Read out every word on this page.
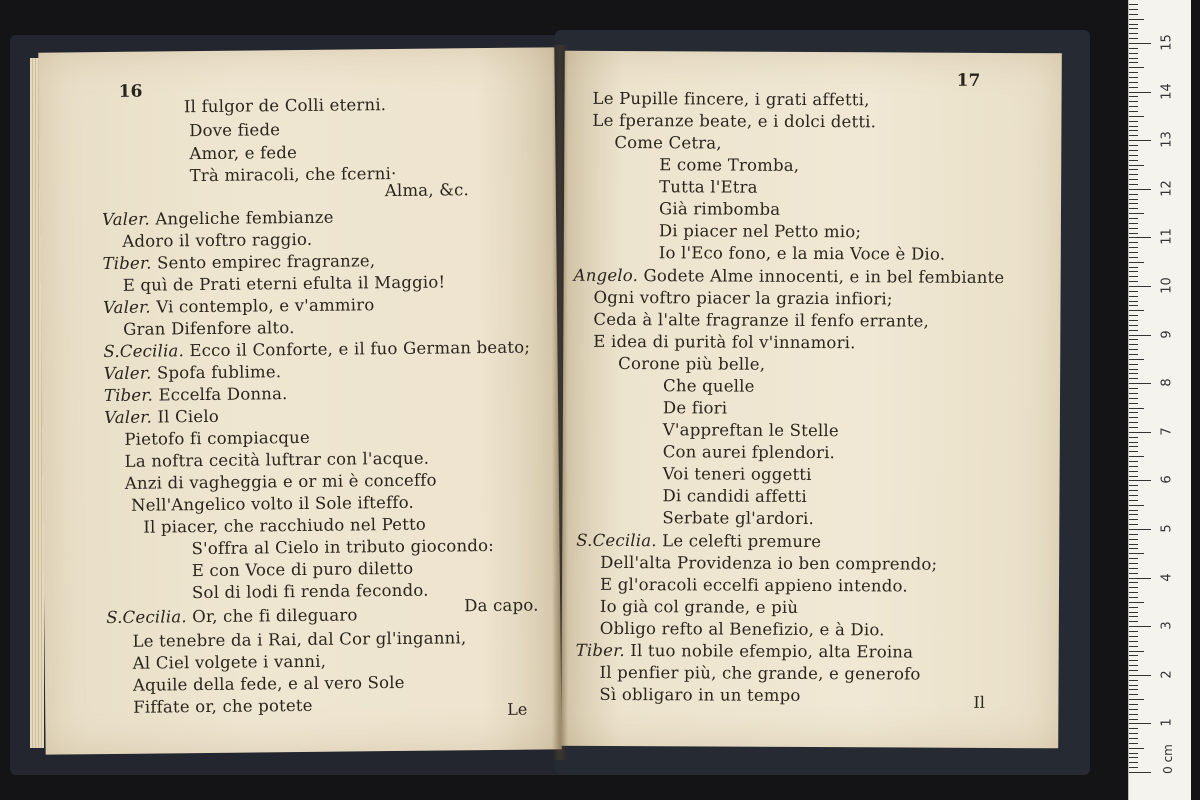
16
Le
Il fulgor de Colli eterni.
Dove fiede
Amor, e fede
Trà miracoli, che fcerni·
Alma, &c.
Valer. Angeliche fembianze
Adoro il voftro raggio.
Tiber. Sento empirec fragranze,
E quì de Prati eterni efulta il Maggio!
Valer. Vi contemplo, e v'ammiro
Gran Difenfore alto.
S.Cecilia. Ecco il Conforte, e il fuo German beato;
Valer. Spofa fublime.
Tiber. Eccelfa Donna.
Valer. Il Cielo
Pietofo fi compiacque
La noftra cecità luftrar con l'acque.
Anzi di vagheggia e or mi è conceffo
Nell'Angelico volto il Sole ifteffo.
Il piacer, che racchiudo nel Petto
S'offra al Cielo in tributo giocondo:
E con Voce di puro diletto
Sol di lodi fi renda fecondo.
S.Cecilia. Or, che fi dileguaro
Da capo.
Le tenebre da i Rai, dal Cor gl'inganni,
Al Ciel volgete i vanni,
Aquile della fede, e al vero Sole
Fiffate or, che potete
17
Il
Le Pupille fincere, i grati affetti,
Le fperanze beate, e i dolci detti.
Come Cetra,
E come Tromba,
Tutta l'Etra
Già rimbomba
Di piacer nel Petto mio;
Io l'Eco fono, e la mia Voce è Dio.
Angelo. Godete Alme innocenti, e in bel fembiante
Ogni voftro piacer la grazia infiori;
Ceda à l'alte fragranze il fenfo errante,
E idea di purità fol v'innamori.
Corone più belle,
Che quelle
De fiori
V'appreftan le Stelle
Con aurei fplendori.
Voi teneri oggetti
Di candidi affetti
Serbate gl'ardori.
S.Cecilia. Le celefti premure
Dell'alta Providenza io ben comprendo;
E gl'oracoli eccelfi appieno intendo.
Io già col grande, e più
Obligo refto al Benefizio, e à Dio.
Tiber. Il tuo nobile efempio, alta Eroina
Il penfier più, che grande, e generofo
Sì obligaro in un tempo
0 cm
1
2
3
4
5
6
7
8
9
10
11
12
13
14
15
